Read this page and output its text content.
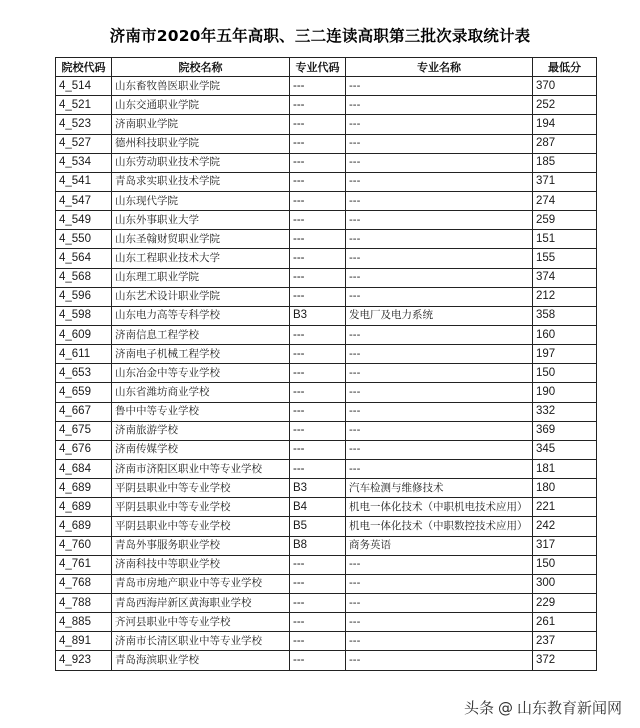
济南市2020年五年高职、三二连读高职第三批次录取统计表
院校代码	院校名称	专业代码	专业名称	最低分
4_514	山东畜牧兽医职业学院	---	---	370
4_521	山东交通职业学院	---	---	252
4_523	济南职业学院	---	---	194
4_527	德州科技职业学院	---	---	287
4_534	山东劳动职业技术学院	---	---	185
4_541	青岛求实职业技术学院	---	---	371
4_547	山东现代学院	---	---	274
4_549	山东外事职业大学	---	---	259
4_550	山东圣翰财贸职业学院	---	---	151
4_564	山东工程职业技术大学	---	---	155
4_568	山东理工职业学院	---	---	374
4_596	山东艺术设计职业学院	---	---	212
4_598	山东电力高等专科学校	B3	发电厂及电力系统	358
4_609	济南信息工程学校	---	---	160
4_611	济南电子机械工程学校	---	---	197
4_653	山东冶金中等专业学校	---	---	150
4_659	山东省潍坊商业学校	---	---	190
4_667	鲁中中等专业学校	---	---	332
4_675	济南旅游学校	---	---	369
4_676	济南传媒学校	---	---	345
4_684	济南市济阳区职业中等专业学校	---	---	181
4_689	平阴县职业中等专业学校	B3	汽车检测与维修技术	180
4_689	平阴县职业中等专业学校	B4	机电一体化技术（中职机电技术应用）	221
4_689	平阴县职业中等专业学校	B5	机电一体化技术（中职数控技术应用）	242
4_760	青岛外事服务职业学校	B8	商务英语	317
4_761	济南科技中等职业学校	---	---	150
4_768	青岛市房地产职业中等专业学校	---	---	300
4_788	青岛西海岸新区黄海职业学校	---	---	229
4_885	齐河县职业中等专业学校	---	---	261
4_891	济南市长清区职业中等专业学校	---	---	237
4_923	青岛海滨职业学校	---	---	372
头条 @ 山东教育新闻网
